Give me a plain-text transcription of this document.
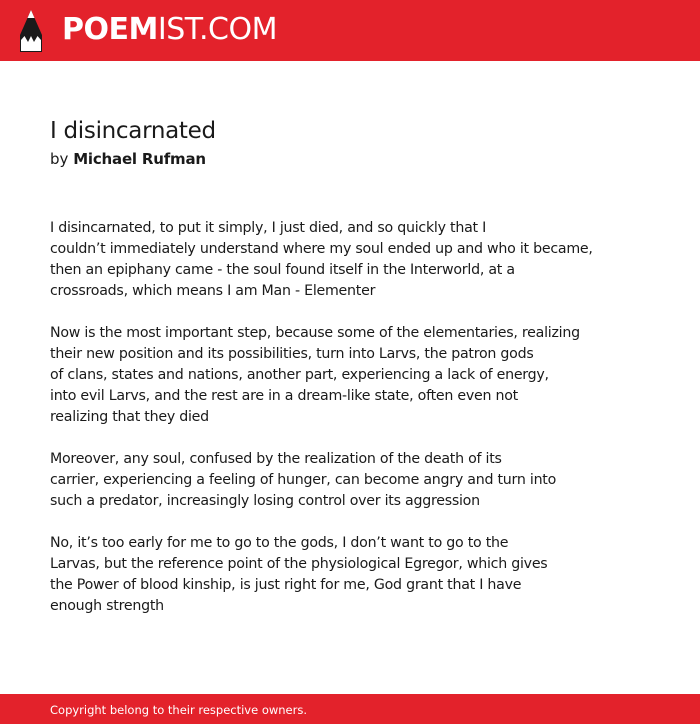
POEMIST.COM
I disincarnated
by Michael Rufman

I disincarnated, to put it simply, I just died, and so quickly that I
couldn’t immediately understand where my soul ended up and who it became,
then an epiphany came - the soul found itself in the Interworld, at a
crossroads, which means I am Man - Elementer

Now is the most important step, because some of the elementaries, realizing
their new position and its possibilities, turn into Larvs, the patron gods
of clans, states and nations, another part, experiencing a lack of energy,
into evil Larvs, and the rest are in a dream-like state, often even not
realizing that they died

Moreover, any soul, confused by the realization of the death of its
carrier, experiencing a feeling of hunger, can become angry and turn into
such a predator, increasingly losing control over its aggression

No, it’s too early for me to go to the gods, I don’t want to go to the
Larvas, but the reference point of the physiological Egregor, which gives
the Power of blood kinship, is just right for me, God grant that I have
enough strength

Copyright belong to their respective owners.
